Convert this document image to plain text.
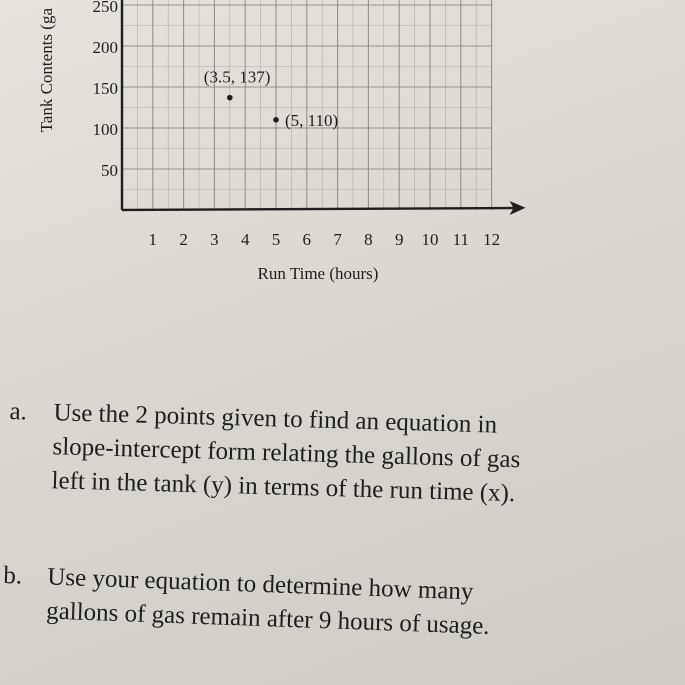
1 2 3 4 5 6 7 8 9 10 11 12
50
100
150
200
250
(3.5, 137)
(5, 110)
Run Time (hours)
Tank Contents (ga
a. Use the 2 points given to find an equation in
slope-intercept form relating the gallons of gas
left in the tank (y) in terms of the run time (x).
b. Use your equation to determine how many
gallons of gas remain after 9 hours of usage.
